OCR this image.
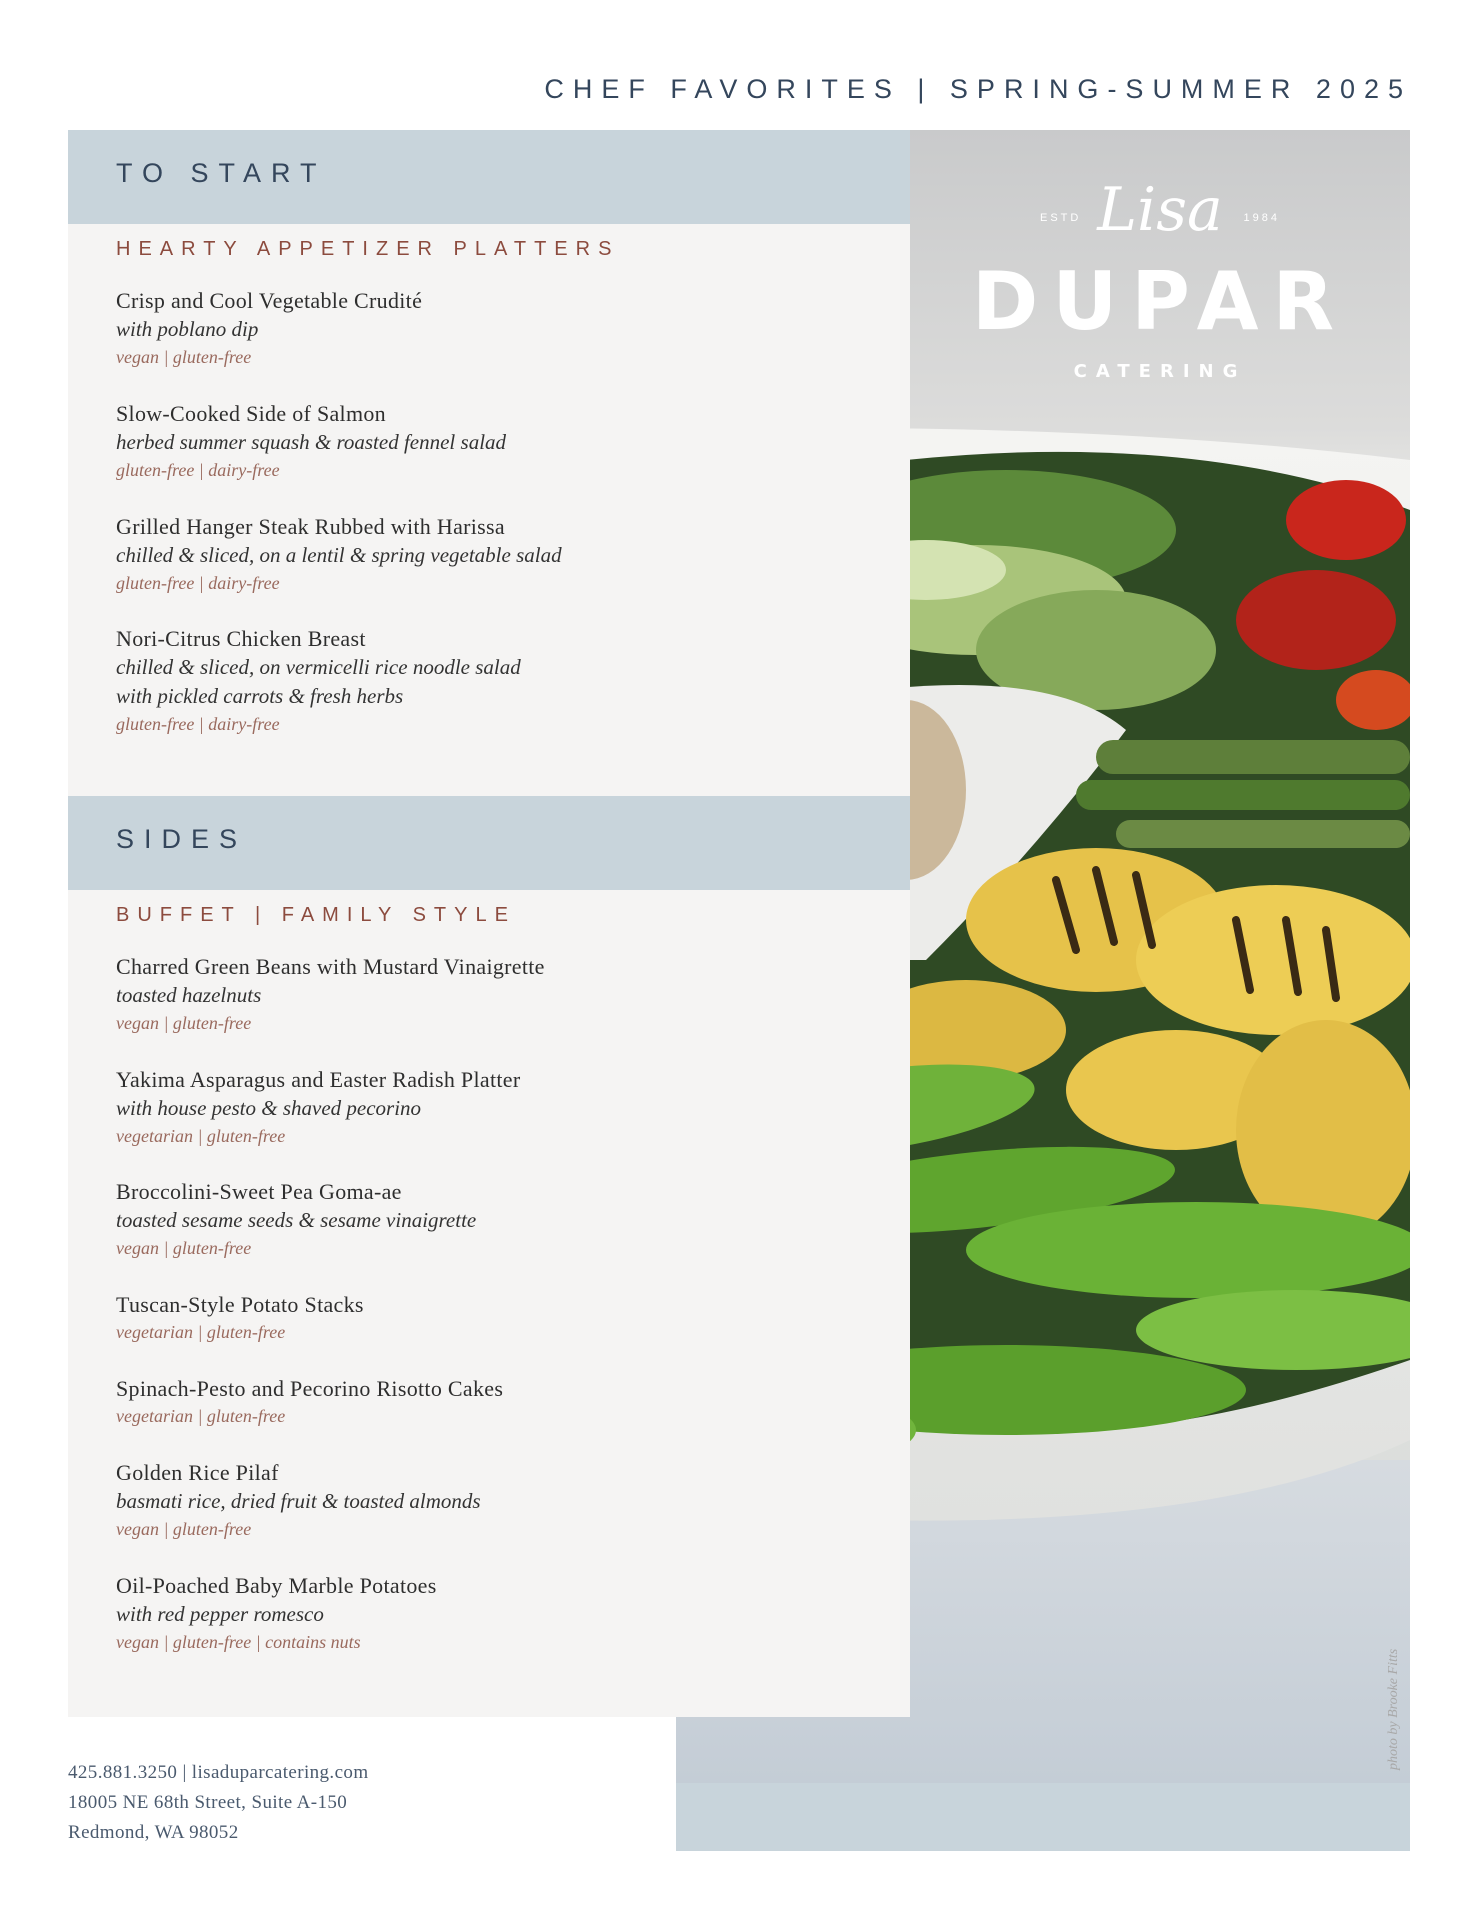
CHEF FAVORITES | SPRING-SUMMER 2025
ESTD Lisa	1984
DUPAR
CATERING
photo by Brooke Fitts
TO START
HEARTY APPETIZER PLATTERS
Crisp and Cool Vegetable Crudité
with poblano dip
vegan | gluten-free
Slow-Cooked Side of Salmon
herbed summer squash & roasted fennel salad
gluten-free | dairy-free
Grilled Hanger Steak Rubbed with Harissa
chilled & sliced, on a lentil & spring vegetable salad
gluten-free | dairy-free
Nori-Citrus Chicken Breast
chilled & sliced, on vermicelli rice noodle salad
with pickled carrots & fresh herbs
gluten-free | dairy-free
SIDES
BUFFET | FAMILY STYLE
Charred Green Beans with Mustard Vinaigrette
toasted hazelnuts
vegan | gluten-free
Yakima Asparagus and Easter Radish Platter
with house pesto & shaved pecorino
vegetarian | gluten-free
Broccolini-Sweet Pea Goma-ae
toasted sesame seeds & sesame vinaigrette
vegan | gluten-free
Tuscan-Style Potato Stacks
vegetarian | gluten-free
Spinach-Pesto and Pecorino Risotto Cakes
vegetarian | gluten-free
Golden Rice Pilaf
basmati rice, dried fruit & toasted almonds
vegan | gluten-free
Oil-Poached Baby Marble Potatoes
with red pepper romesco
vegan | gluten-free | contains nuts
425.881.3250 | lisaduparcatering.com
18005 NE 68th Street, Suite A-150
Redmond, WA 98052
